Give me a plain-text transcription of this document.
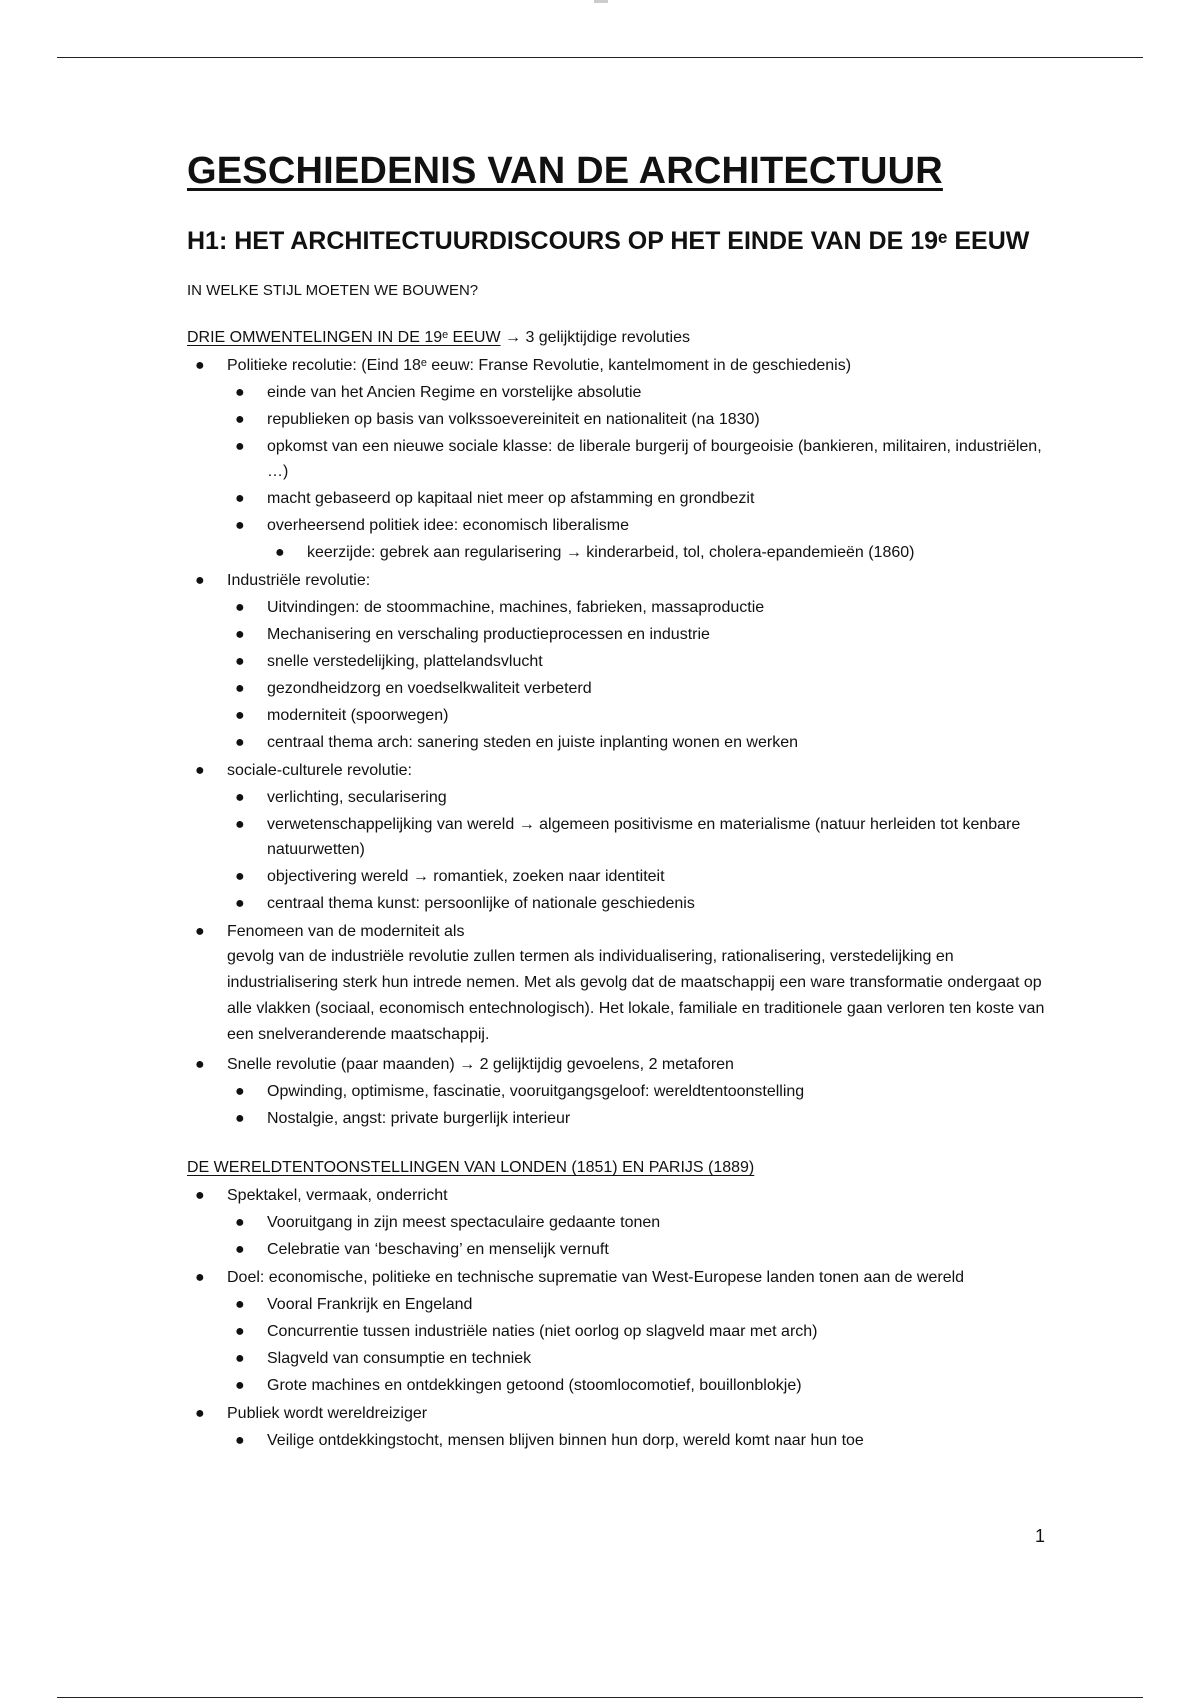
GESCHIEDENIS VAN DE ARCHITECTUUR
H1: HET ARCHITECTUURDISCOURS OP HET EINDE VAN DE 19ᵉ EEUW

IN WELKE STIJL MOETEN WE BOUWEN?

DRIE OMWENTELINGEN IN DE 19ᵉ EEUW → 3 gelijktijdige revoluties

● Politieke recolutie: (Eind 18ᵉ eeuw: Franse Revolutie, kantelmoment in de geschiedenis)
● einde van het Ancien Regime en vorstelijke absolutie
● republieken op basis van volkssoevereiniteit en nationaliteit (na 1830)
● opkomst van een nieuwe sociale klasse: de liberale burgerij of bourgeoisie (bankieren, militairen, industriëlen, …)
● macht gebaseerd op kapitaal niet meer op afstamming en grondbezit
● overheersend politiek idee: economisch liberalisme
● keerzijde: gebrek aan regularisering → kinderarbeid, tol, cholera-epandemieën (1860)
● Industriële revolutie:
● Uitvindingen: de stoommachine, machines, fabrieken, massaproductie
● Mechanisering en verschaling productieprocessen en industrie
● snelle verstedelijking, plattelandsvlucht
● gezondheidzorg en voedselkwaliteit verbeterd
● moderniteit (spoorwegen)
● centraal thema arch: sanering steden en juiste inplanting wonen en werken
● sociale-culturele revolutie:
● verlichting, secularisering
● verwetenschappelijking van wereld → algemeen positivisme en materialisme (natuur herleiden tot kenbare natuurwetten)
● objectivering wereld → romantiek, zoeken naar identiteit
● centraal thema kunst: persoonlijke of nationale geschiedenis
● Fenomeen van de moderniteit als
gevolg van de industriële revolutie zullen termen als individualisering, rationalisering, verstedelijking en industrialisering sterk hun intrede nemen. Met als gevolg dat de maatschappij een ware transformatie ondergaat op alle vlakken (sociaal, economisch entechnologisch). Het lokale, familiale en traditionele gaan verloren ten koste van een snelveranderende maatschappij.
● Snelle revolutie (paar maanden) → 2 gelijktijdig gevoelens, 2 metaforen
● Opwinding, optimisme, fascinatie, vooruitgangsgeloof: wereldtentoonstelling
● Nostalgie, angst: private burgerlijk interieur

DE WERELDTENTOONSTELLINGEN VAN LONDEN (1851) EN PARIJS (1889)

● Spektakel, vermaak, onderricht
● Vooruitgang in zijn meest spectaculaire gedaante tonen
● Celebratie van ‘beschaving’ en menselijk vernuft
● Doel: economische, politieke en technische suprematie van West-Europese landen tonen aan de wereld
● Vooral Frankrijk en Engeland
● Concurrentie tussen industriële naties (niet oorlog op slagveld maar met arch)
● Slagveld van consumptie en techniek
● Grote machines en ontdekkingen getoond (stoomlocomotief, bouillonblokje)
● Publiek wordt wereldreiziger
● Veilige ontdekkingstocht, mensen blijven binnen hun dorp, wereld komt naar hun toe
1
